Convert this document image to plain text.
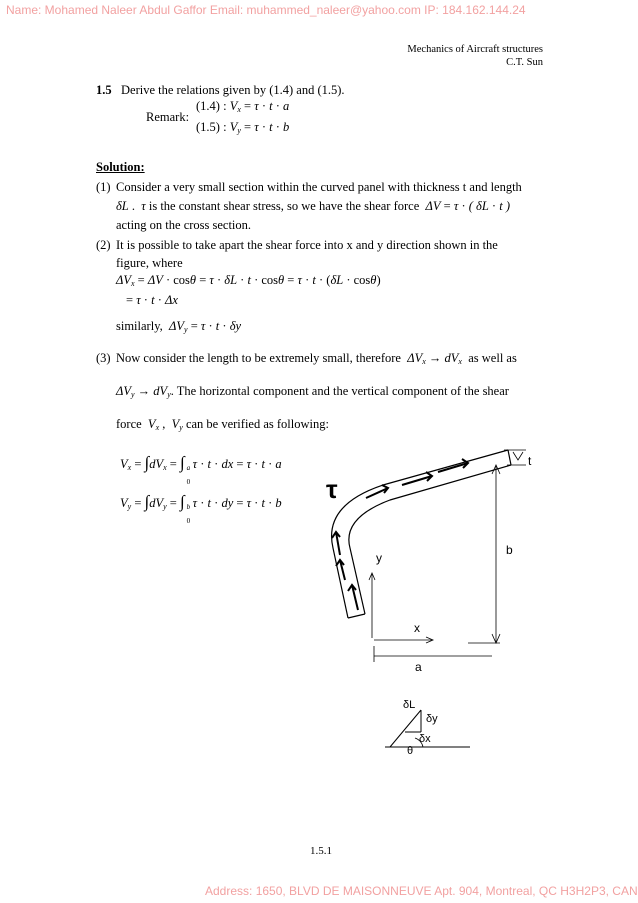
Name: Mohamed Naleer Abdul Gaffor Email: muhammed_naleer@yahoo.com IP: 184.162.144.24
Address: 1650, BLVD DE MAISONNEUVE Apt. 904, Montreal, QC H3H2P3, CAN
Mechanics of Aircraft structures
C.T. Sun
1.5 Derive the relations given by (1.4) and (1.5).
Remark:
(1.4) : $V_x = \tau \cdot t \cdot a$
(1.5) : $V_y = \tau \cdot t \cdot b$
Solution:
(1) Consider a very small section within the curved panel with thickness t and length
δL .  τ is the constant shear stress, so we have the shear force  ΔV = τ · ( δL · t )
acting on the cross section.
(2) It is possible to take apart the shear force into x and y direction shown in the
figure, where
$\Delta V_x = \Delta V \cdot \cos\theta = \tau \cdot \delta L \cdot t \cdot \cos\theta = \tau \cdot t \cdot (\delta L \cdot \cos\theta)$
= τ · t · Δx
similarly, $\Delta V_y = \tau \cdot t \cdot \delta y$
(3) Now consider the length to be extremely small, therefore $\Delta V_x \to dV_x$ as well as
$\Delta V_y \to dV_y$. The horizontal component and the vertical component of the shear
force $V_x$ ,  $V_y$ can be verified as following:
$V_x = \int dV_x$ = ∫ a
0
τ · t · dx = τ · t · a
$V_y = \int dV_y$ = ∫ b
0
τ · t · dy = τ · t · b τ
t
b
y
x
a
δL
δy
δx
θ
1.5.1
